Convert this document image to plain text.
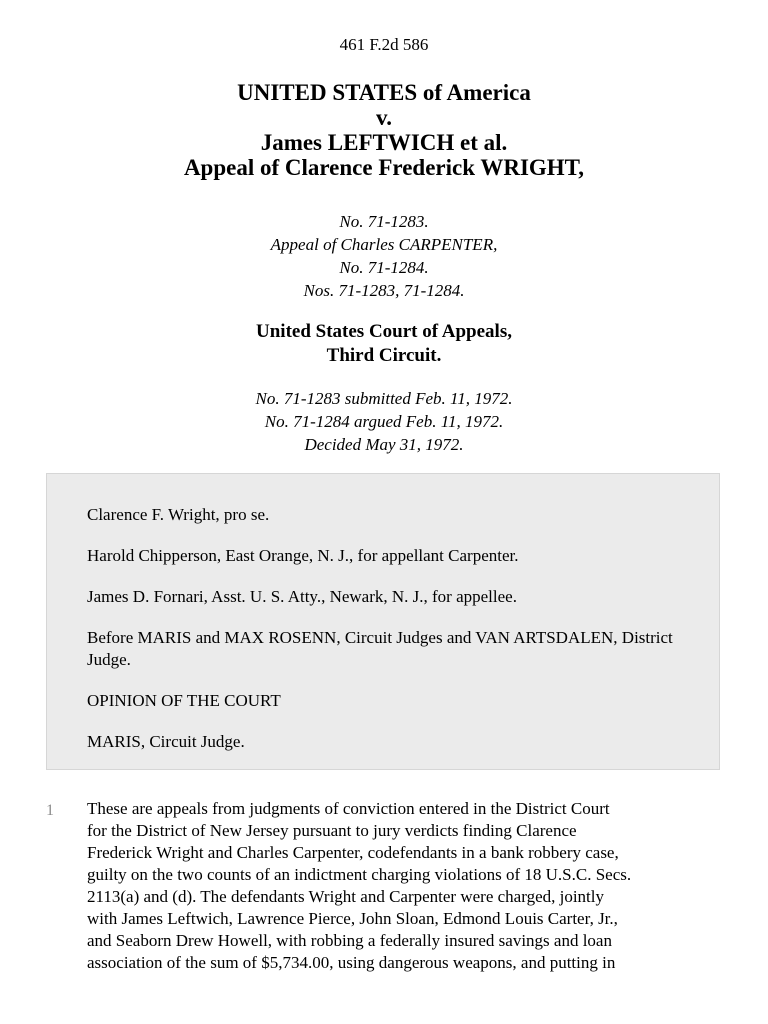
461 F.2d 586
UNITED STATES of America
v.
James LEFTWICH et al.
Appeal of Clarence Frederick WRIGHT,
No. 71-1283.
Appeal of Charles CARPENTER,
No. 71-1284.
Nos. 71-1283, 71-1284.
United States Court of Appeals,
Third Circuit.
No. 71-1283 submitted Feb. 11, 1972.
No. 71-1284 argued Feb. 11, 1972.
Decided May 31, 1972.

Clarence F. Wright, pro se.

Harold Chipperson, East Orange, N. J., for appellant Carpenter.

James D. Fornari, Asst. U. S. Atty., Newark, N. J., for appellee.

Before MARIS and MAX ROSENN, Circuit Judges and VAN ARTSDALEN, District Judge.

OPINION OF THE COURT

MARIS, Circuit Judge.

1 These are appeals from judgments of conviction entered in the District Court
for the District of New Jersey pursuant to jury verdicts finding Clarence
Frederick Wright and Charles Carpenter, codefendants in a bank robbery case,
guilty on the two counts of an indictment charging violations of 18 U.S.C. Secs.
2113(a) and (d). The defendants Wright and Carpenter were charged, jointly
with James Leftwich, Lawrence Pierce, John Sloan, Edmond Louis Carter, Jr.,
and Seaborn Drew Howell, with robbing a federally insured savings and loan
association of the sum of $5,734.00, using dangerous weapons, and putting in
